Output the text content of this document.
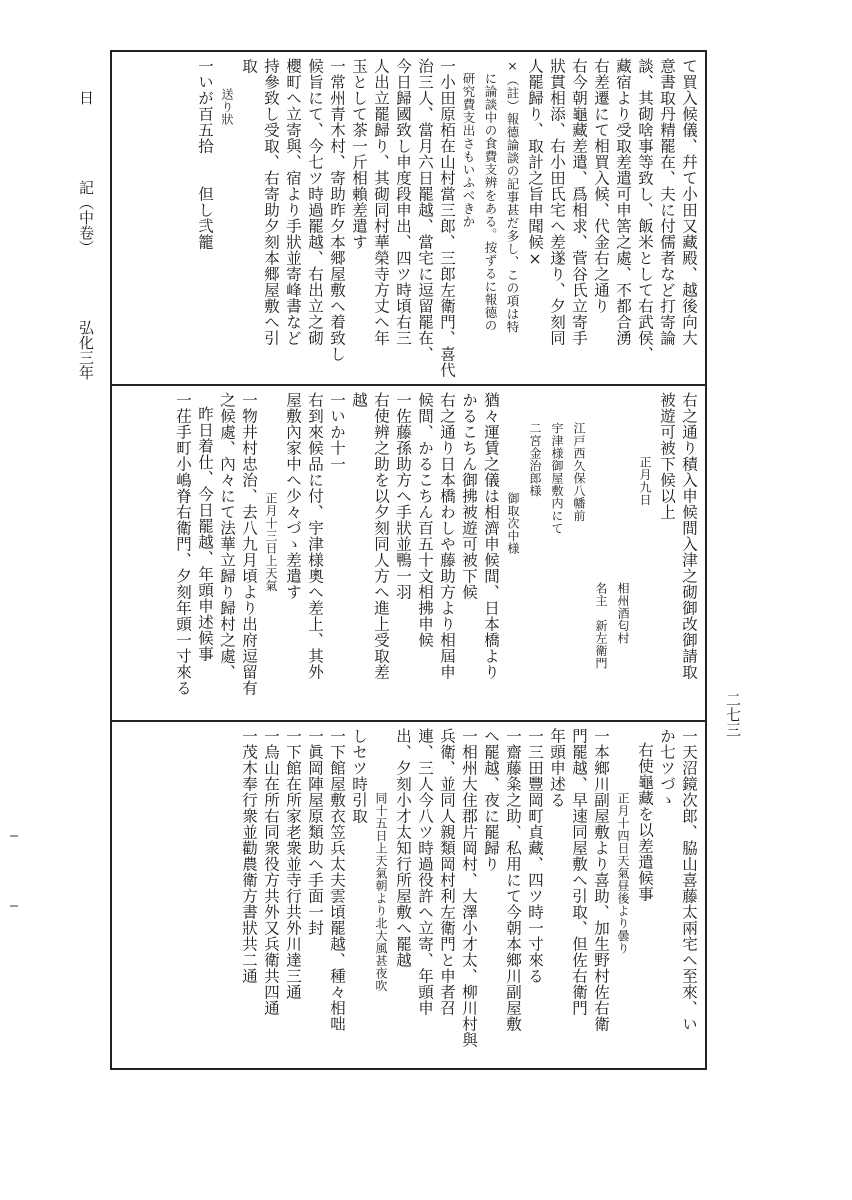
日
記（中卷）
弘化三年
二七三
て買入候儀、幷て小田又藏殿、越後向大
意書取丹精罷在、夫に付儒者など打寄論
談、其砌啥事等致し、飯米として右武侯、
藏宿より受取差遣可申筈之處、不都合湧
右差遷にて相買入候、代金右之通り
右今朝龜藏差遣、爲相求、菅谷氏立寄手
狀貫相添、右小田氏宅へ差遂り、夕刻同
人罷歸り、取計之旨申聞候×
×（註）報德論談の記事甚だ多し、この項は特
に論談中の食費支辨をある。按ずるに報德の
研究費支出さもいふべきか
一小田原栢在山村當三郎、三郎左衛門、喜代
治三人、當月六日罷越、當宅に逗留罷在、
今日歸國致し申度段申出、四ツ時頃右三
人出立罷歸り、其砌同村華榮寺方丈へ年
玉として茶一斤相賴差遣す
一常州青木村、寄助昨夕本郷屋敷へ着致し
候旨にて、今七ツ時過罷越、右出立之砌
櫻町へ立寄與、宿より手狀並寄峰書など
持參致し受取、右寄助夕刻本郷屋敷へ引
取
送り狀
一いが百五拾　　但し弐籠
右之通り積入申候間入津之砌御改御請取
被遊可被下候以上
正月九日
相州酒匂村
名主　新左衛門
江戸西久保八幡前
宇津様御屋敷内にて
二宮金治郎様
御取次中様
猶々運賃之儀は相濟申候間、日本橋より
かるこちん御拂被遊可被下候
右之通り日本橋わしや藤助方より相屆申
候間、かるこちん百五十文相拂申候
一佐藤孫助方へ手狀並鴨一羽
右使辨之助を以夕刻同人方へ進上受取差
越
一いか十一
右到來候品に付、宇津様奧へ差上、其外
屋敷內家中へ少々づゝ差遣す
正月十三日上天氣
一物井村忠治、去八九月頃より出府逗留有
之候處、內々にて法華立歸り歸村之處、
昨日着仕、今日罷越、年頭申述候事
一茌手町小嶋脊右衛門、夕刻年頭一寸來る
一天沼鏡次郎、脇山喜藤太兩宅へ至來、い
か七ツづゝ
右使龜藏を以差遣候事
正月十四日天氣昼後より曇り
一本鄉川副屋敷より喜助、加生野村佐右衛
門罷越、早速同屋敷へ引取、但佐右衛門
年頭申述る
一三田豐岡町貞藏、四ツ時一寸來る
一齋藤粂之助、私用にて今朝本鄉川副屋敷
へ罷越、夜に罷歸り
一相州大住郡片岡村、大澤小才太、柳川村與
兵衛、並同人親類岡村利左衛門と申者召
連、三人今八ツ時過役許へ立寄、年頭申
出、夕刻小才太知行所屋敷へ罷越
同十五日上天氣朝より北大風甚夜吹
しセツ時引取
一下館屋敷衣笠兵太夫雲頃罷越、種々相咄
一眞岡陣屋原類助へ手面一封
一下館在所家老衆並寺行共外川達三通
一烏山在所右同衆役方共外又兵衛共四通
一茂木奉行衆並勸農衛方書狀共二通
